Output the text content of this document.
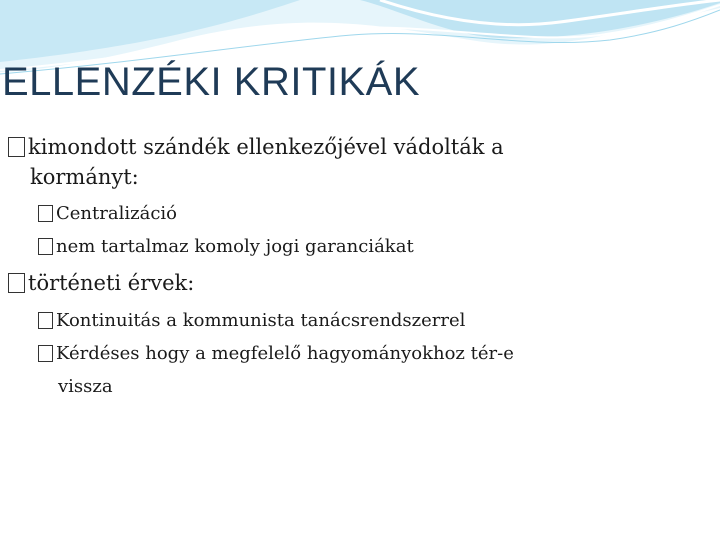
ELLENZÉKI KRITIKÁK
kimondott szándék ellenkezőjével vádolták a
kormányt:
Centralizáció
nem tartalmaz komoly jogi garanciákat
történeti érvek:
Kontinuitás a kommunista tanácsrendszerrel
Kérdéses hogy a megfelelő hagyományokhoz tér-e
vissza
